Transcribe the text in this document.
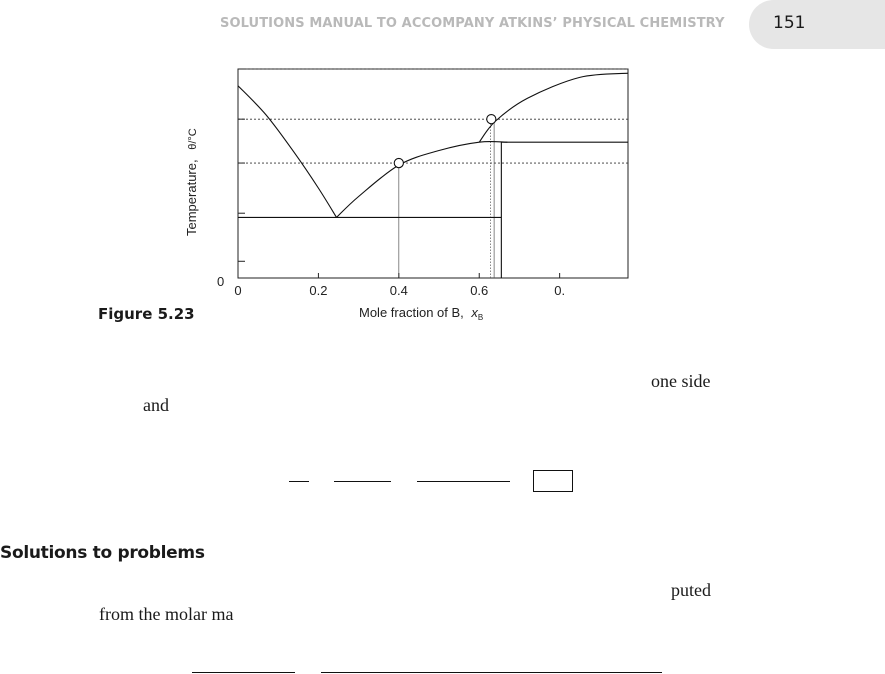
SOLUTIONS MANUAL TO ACCOMPANY ATKINS’ PHYSICAL CHEMISTRY	151
0	0.2	0.4	0.6	0.
Temperature, θ/°C
0
Mole fraction of B, $x_B$
Figure 5.23
one side
and
Solutions to problems
puted
from the molar ma
